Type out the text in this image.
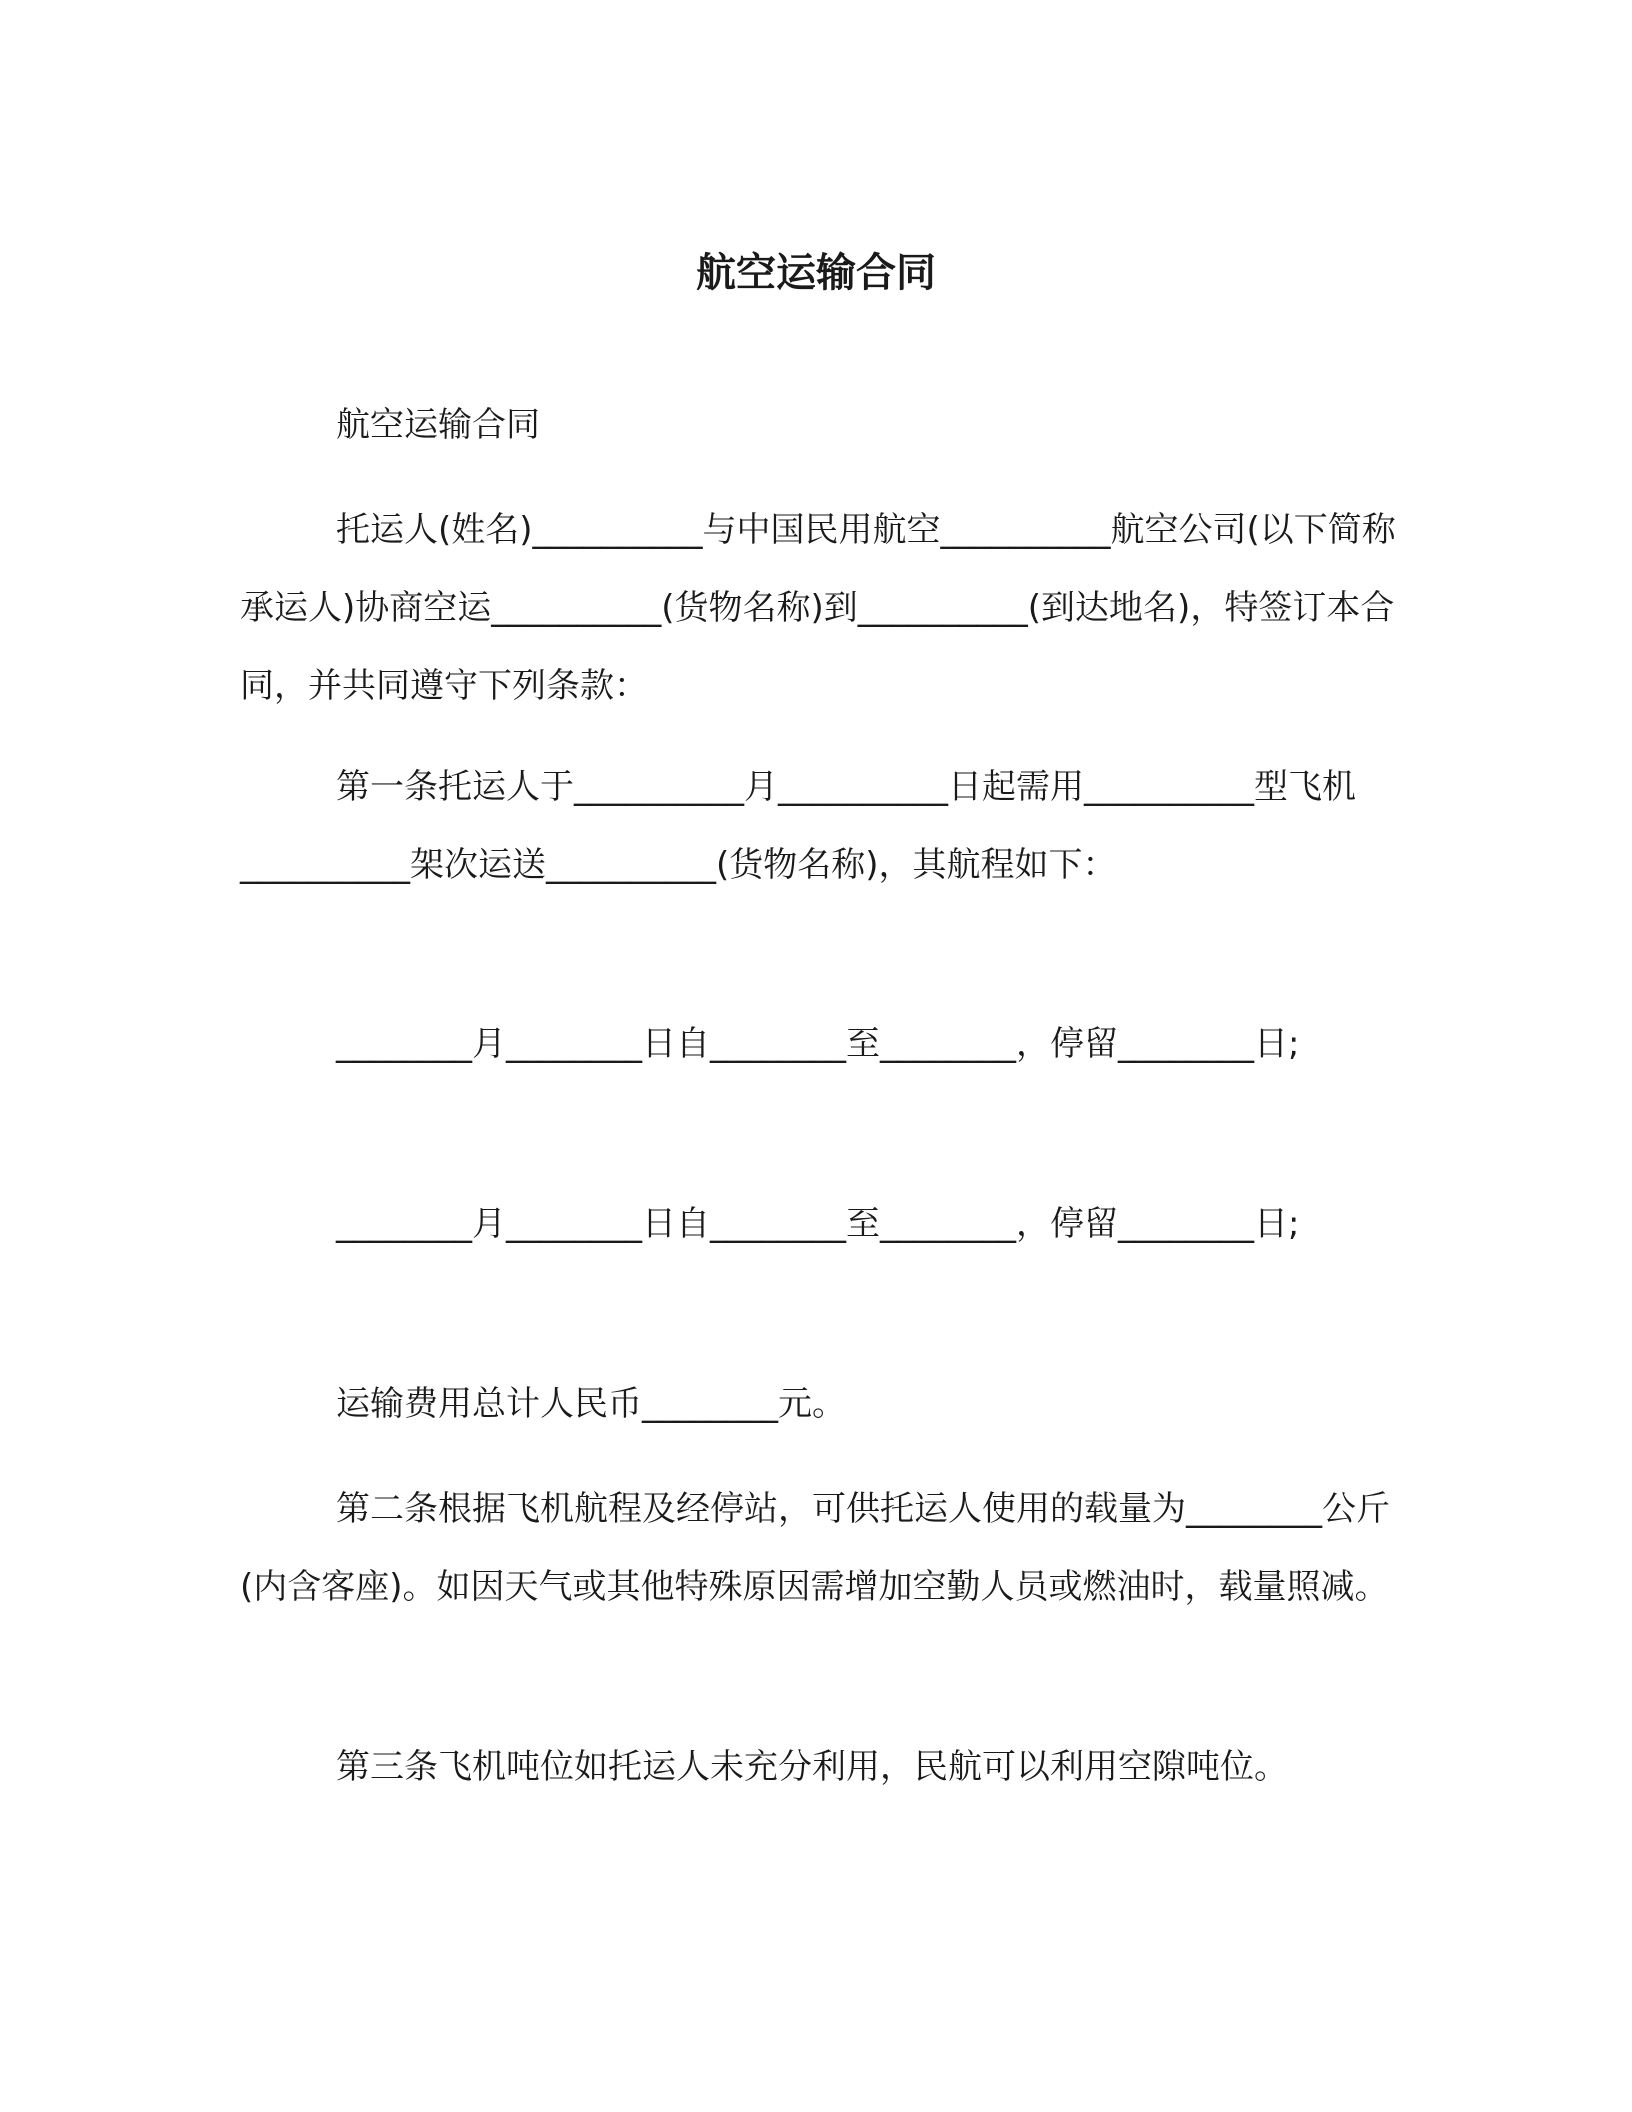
航空运输合同

航空运输合同

托运人(姓名)__________与中国民用航空__________航空公司(以下简称承运人)协商空运__________(货物名称)到__________(到达地名)，特签订本合同，并共同遵守下列条款：

第一条托运人于__________月__________日起需用__________型飞机__________架次运送__________(货物名称)，其航程如下：

________月________日自________至________，停留________日;

________月________日自________至________，停留________日;

运输费用总计人民币________元。

第二条根据飞机航程及经停站，可供托运人使用的载量为________公斤(内含客座)。如因天气或其他特殊原因需增加空勤人员或燃油时，载量照减。

第三条飞机吨位如托运人未充分利用，民航可以利用空隙吨位。
